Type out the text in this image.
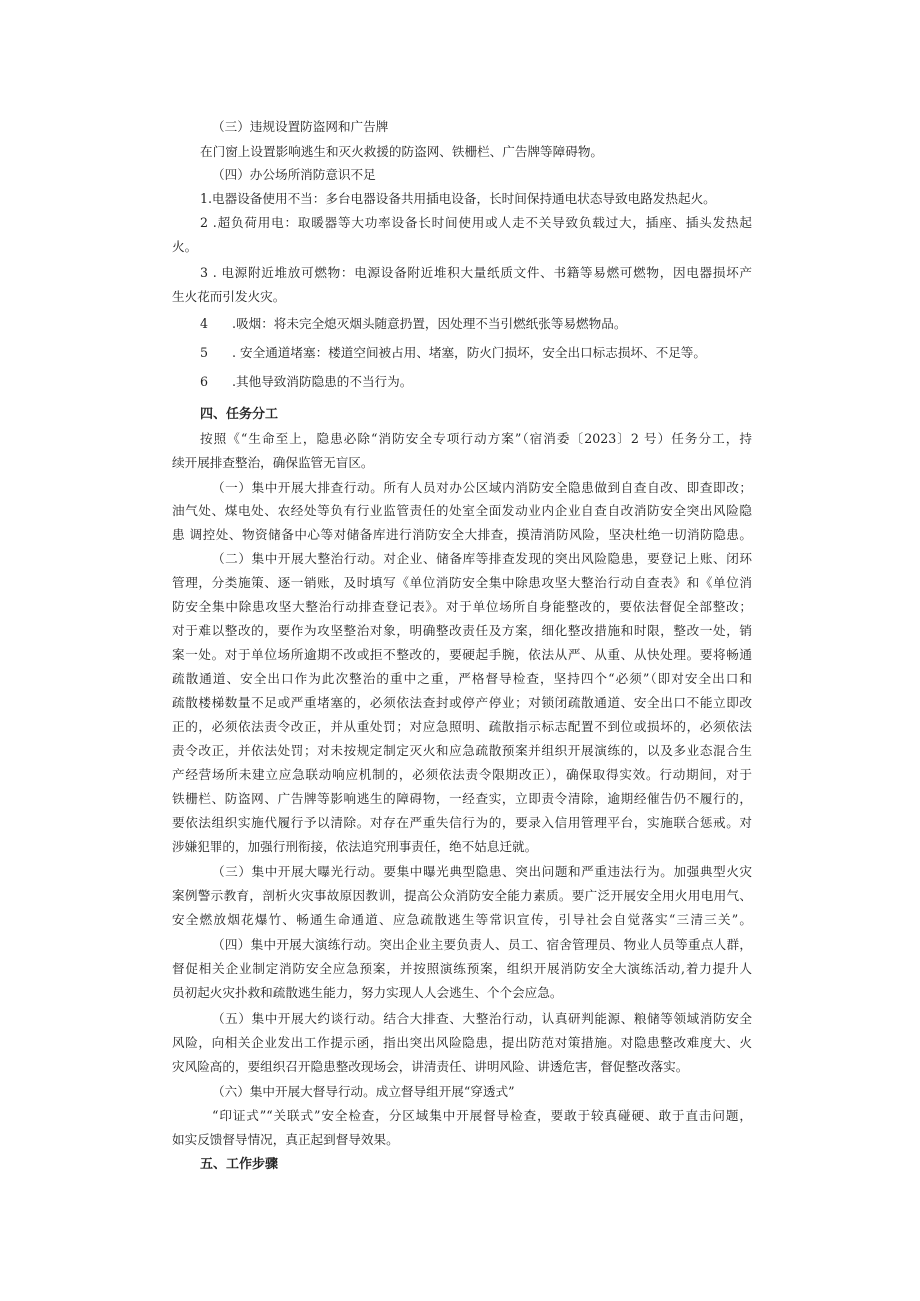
（三）违规设置防盗网和广告牌

在门窗上设置影响逃生和灭火救援的防盗网、铁栅栏、广告牌等障碍物。

（四）办公场所消防意识不足

1.电器设备使用不当：多台电器设备共用插电设备，长时间保持通电状态导致电路发热起火。

2 .超负荷用电：取暖器等大功率设备长时间使用或人走不关导致负载过大，插座、插头发热起

火。

3 . 电源附近堆放可燃物：电源设备附近堆积大量纸质文件、书籍等易燃可燃物，因电器损坏产

生火花而引发火灾。

4 .吸烟：将未完全熄灭烟头随意扔置，因处理不当引燃纸张等易燃物品。

5 . 安全通道堵塞：楼道空间被占用、堵塞，防火门损坏，安全出口标志损坏、不足等。

6 .其他导致消防隐患的不当行为。

四、任务分工

按照《“生命至上，隐患必除“消防安全专项行动方案”（宿消委〔2023〕2 号）任务分工，持

续开展排查整治，确保监管无盲区。

（一）集中开展大排查行动。所有人员对办公区域内消防安全隐患做到自查自改、即查即改；

油气处、煤电处、农经处等负有行业监管责任的处室全面发动业内企业自查自改消防安全突出风险隐

患 调控处、物资储备中心等对储备库进行消防安全大排查，摸清消防风险，坚决杜绝一切消防隐患。

（二）集中开展大整治行动。对企业、储备库等排查发现的突出风险隐患，要登记上账、闭环

管理，分类施策、逐一销账，及时填写《单位消防安全集中除患攻坚大整治行动自查表》和《单位消

防安全集中除患攻坚大整治行动排查登记表》。对于单位场所自身能整改的，要依法督促全部整改；

对于难以整改的，要作为攻坚整治对象，明确整改责任及方案，细化整改措施和时限，整改一处，销

案一处。对于单位场所逾期不改或拒不整改的，要硬起手腕，依法从严、从重、从快处理。要将畅通

疏散通道、安全出口作为此次整治的重中之重，严格督导检查，坚持四个“必须”（即对安全出口和

疏散楼梯数量不足或严重堵塞的，必须依法查封或停产停业；对锁闭疏散通道、安全出口不能立即改

正的，必须依法责令改正，并从重处罚；对应急照明、疏散指示标志配置不到位或损坏的，必须依法

责令改正，并依法处罚；对未按规定制定灭火和应急疏散预案并组织开展演练的，以及多业态混合生

产经营场所未建立应急联动响应机制的，必须依法责令限期改正），确保取得实效。行动期间，对于

铁栅栏、防盗网、广告牌等影响逃生的障碍物，一经查实，立即责令清除，逾期经催告仍不履行的，

要依法组织实施代履行予以清除。对存在严重失信行为的，要录入信用管理平台，实施联合惩戒。对

涉嫌犯罪的，加强行刑衔接，依法追究刑事责任，绝不姑息迁就。

（三）集中开展大曝光行动。要集中曝光典型隐患、突出问题和严重违法行为。加强典型火灾

案例警示教育，剖析火灾事故原因教训，提高公众消防安全能力素质。要广泛开展安全用火用电用气、

安全燃放烟花爆竹、畅通生命通道、应急疏散逃生等常识宣传，引导社会自觉落实“三清三关”。

（四）集中开展大演练行动。突出企业主要负责人、员工、宿舍管理员、物业人员等重点人群，

督促相关企业制定消防安全应急预案，并按照演练预案，组织开展消防安全大演练活动,着力提升人

员初起火灾扑救和疏散逃生能力，努力实现人人会逃生、个个会应急。

（五）集中开展大约谈行动。结合大排查、大整治行动，认真研判能源、粮储等领域消防安全

风险，向相关企业发出工作提示函，指出突出风险隐患，提出防范对策措施。对隐患整改难度大、火

灾风险高的，要组织召开隐患整改现场会，讲清责任、讲明风险、讲透危害，督促整改落实。

（六）集中开展大督导行动。成立督导组开展“穿透式”

“印证式”“关联式”安全检查，分区域集中开展督导检查，要敢于较真碰硬、敢于直击问题，

如实反馈督导情况，真正起到督导效果。

五、工作步骤
